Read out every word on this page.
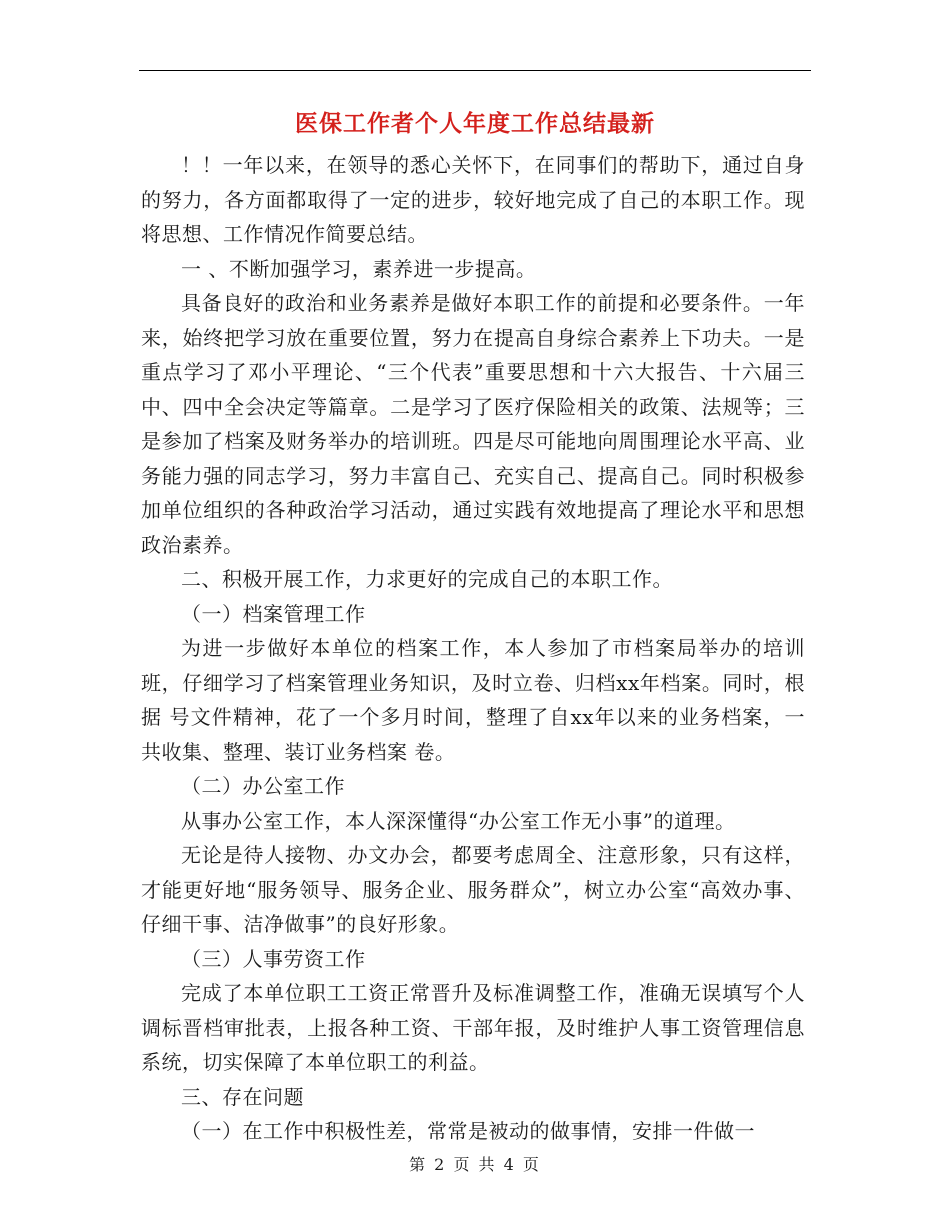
医保工作者个人年度工作总结最新

！！一年以来，在领导的悉心关怀下，在同事们的帮助下，通过自身的努力，各方面都取得了一定的进步，较好地完成了自己的本职工作。现将思想、工作情况作简要总结。

一 、不断加强学习，素养进一步提高。

具备良好的政治和业务素养是做好本职工作的前提和必要条件。一年来，始终把学习放在重要位置，努力在提高自身综合素养上下功夫。一是重点学习了邓小平理论、“三个代表”重要思想和十六大报告、十六届三中、四中全会决定等篇章。二是学习了医疗保险相关的政策、法规等；三是参加了档案及财务举办的培训班。四是尽可能地向周围理论水平高、业务能力强的同志学习，努力丰富自己、充实自己、提高自己。同时积极参加单位组织的各种政治学习活动，通过实践有效地提高了理论水平和思想政治素养。

二、积极开展工作，力求更好的完成自己的本职工作。

（一）档案管理工作

为进一步做好本单位的档案工作，本人参加了市档案局举办的培训班，仔细学习了档案管理业务知识，及时立卷、归档xx年档案。同时，根据 号文件精神，花了一个多月时间，整理了自xx年以来的业务档案，一共收集、整理、装订业务档案 卷。

（二）办公室工作

从事办公室工作，本人深深懂得“办公室工作无小事”的道理。

无论是待人接物、办文办会，都要考虑周全、注意形象，只有这样，才能更好地“服务领导、服务企业、服务群众”，树立办公室“高效办事、仔细干事、洁净做事”的良好形象。

（三）人事劳资工作

完成了本单位职工工资正常晋升及标准调整工作，准确无误填写个人调标晋档审批表，上报各种工资、干部年报，及时维护人事工资管理信息系统，切实保障了本单位职工的利益。

三、存在问题

（一）在工作中积极性差，常常是被动的做事情，安排一件做一

第 2 页 共 4 页
